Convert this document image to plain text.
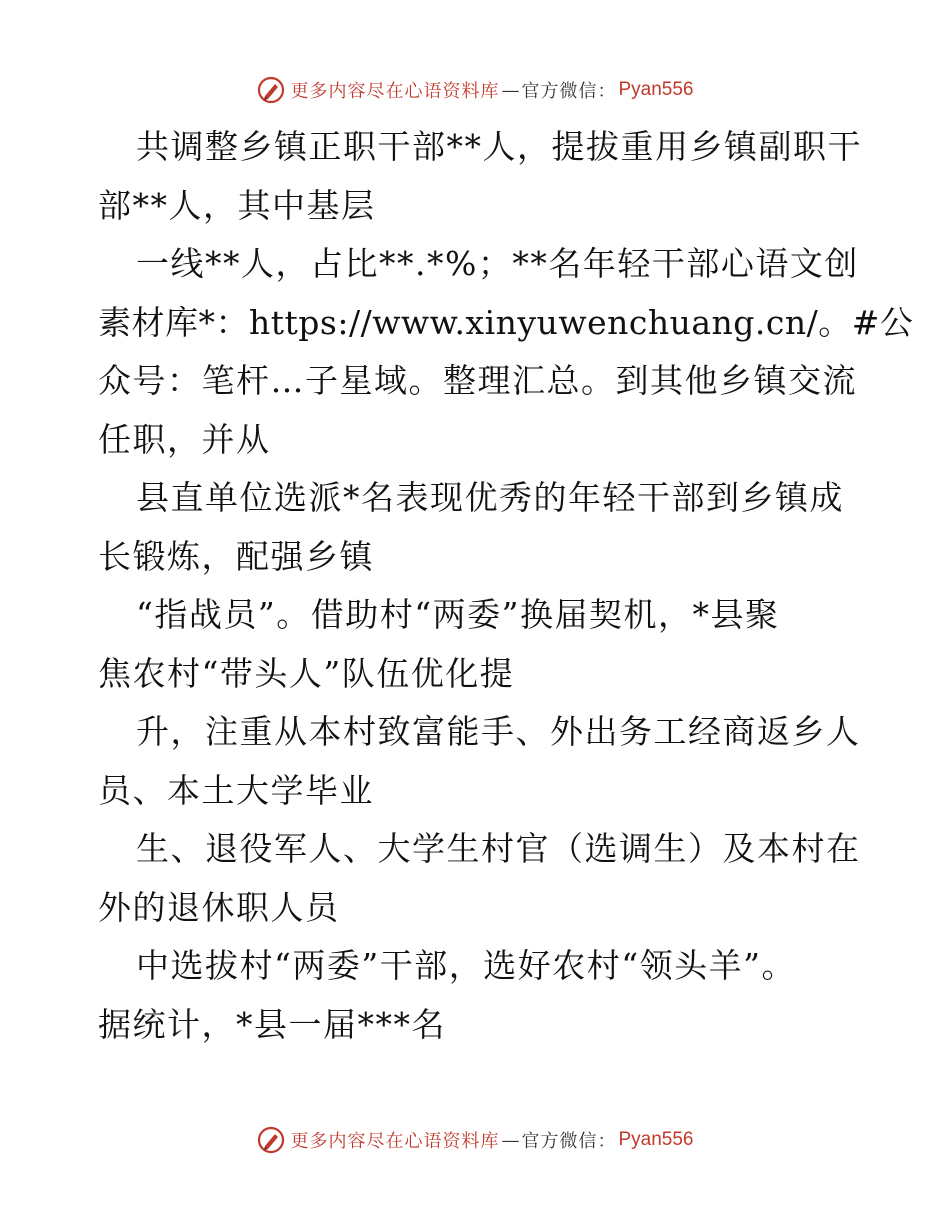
更多内容尽在心语资料库 — 官方微信： Pyan556
共调整乡镇正职干部**人，提拔重用乡镇副职干
部**人，其中基层
一线**人，占比**.*%；**名年轻干部心语文创
素材库*：https://www.xinyuwenchuang.cn/。#公
众号：笔杆…子星域。整理汇总。到其他乡镇交流
任职，并从
县直单位选派*名表现优秀的年轻干部到乡镇成
长锻炼，配强乡镇
“指战员”。借助村“两委”换届契机，*县聚
焦农村“带头人”队伍优化提
升，注重从本村致富能手、外出务工经商返乡人
员、本土大学毕业
生、退役军人、大学生村官（选调生）及本村在
外的退休职人员
中选拔村“两委”干部，选好农村“领头羊”。
据统计，*县一届***名
更多内容尽在心语资料库 — 官方微信： Pyan556
